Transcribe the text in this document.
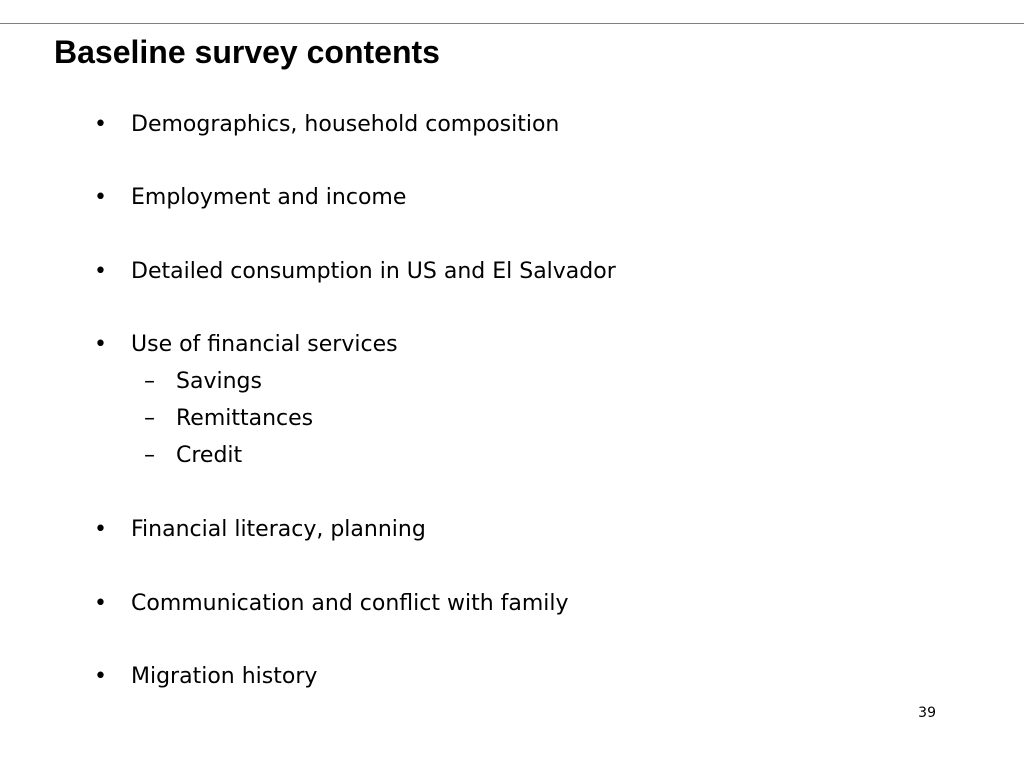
Baseline survey contents
•	Demographics, household composition
•	Employment and income
•	Detailed consumption in US and El Salvador
•	Use of financial services
– Savings
– Remittances
– Credit
•	Financial literacy, planning
•	Communication and conflict with family
•	Migration history
39
